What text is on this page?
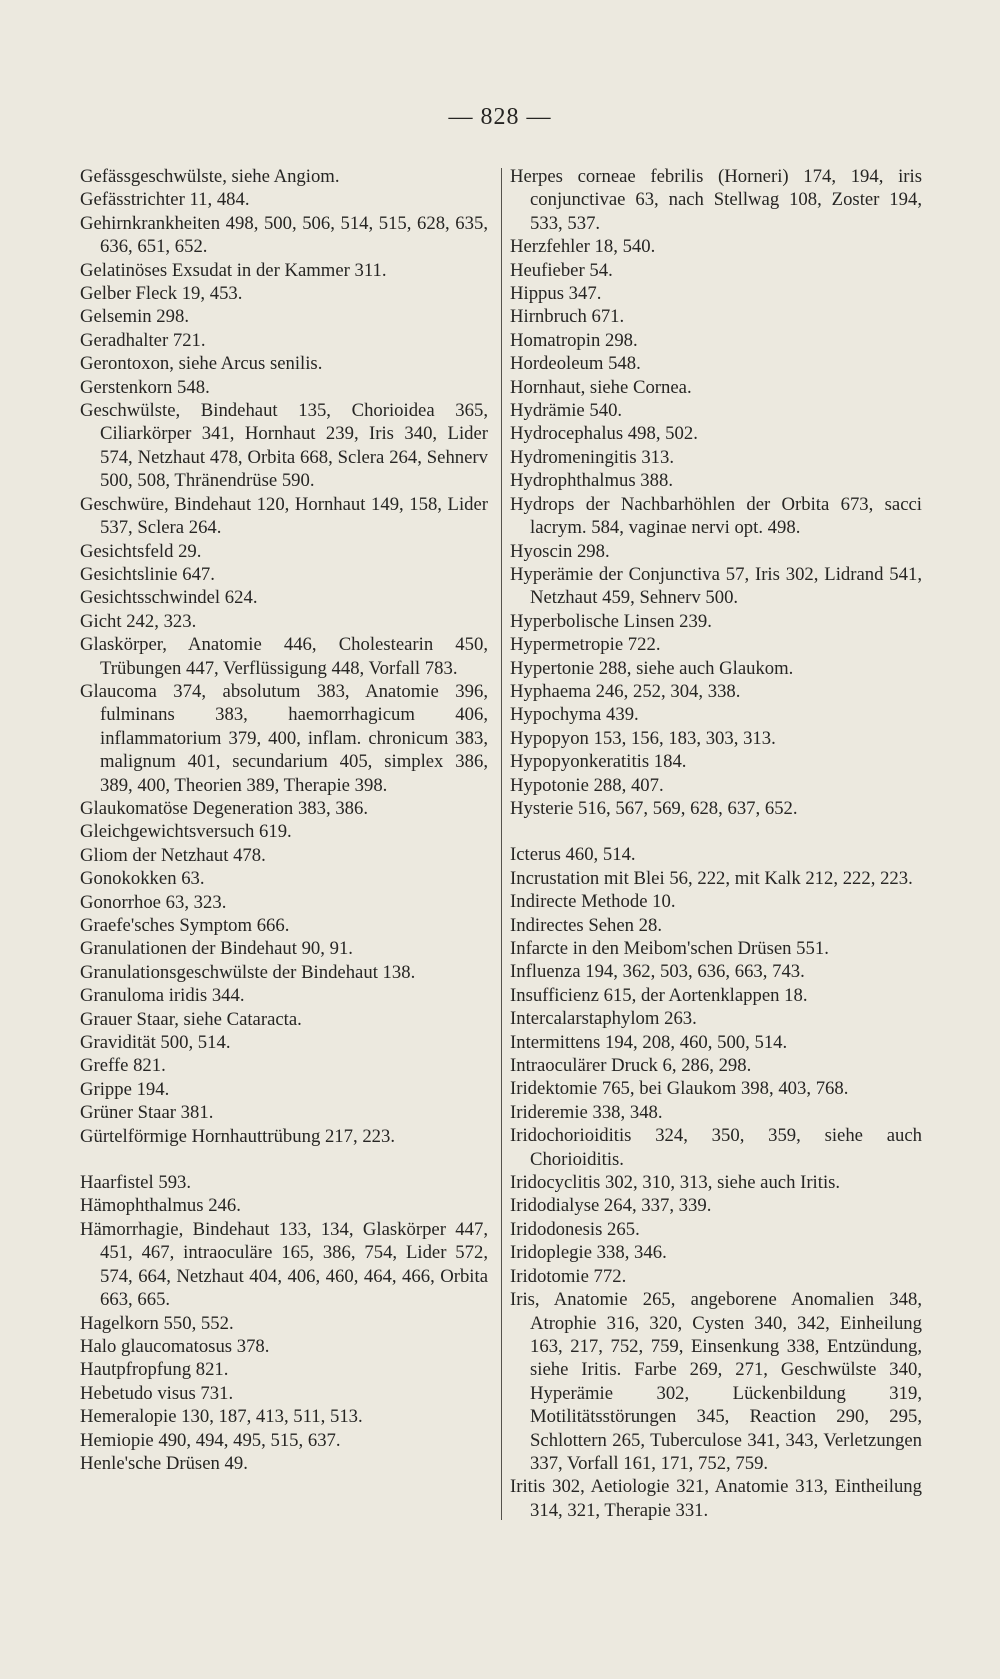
— 828 —

Gefässgeschwülste, siehe Angiom.

Gefässtrichter 11, 484.

Gehirnkrankheiten 498, 500, 506, 514, 515, 628, 635, 636, 651, 652.

Gelatinöses Exsudat in der Kammer 311.

Gelber Fleck 19, 453.

Gelsemin 298.

Geradhalter 721.

Gerontoxon, siehe Arcus senilis.

Gerstenkorn 548.

Geschwülste, Bindehaut 135, Chorioidea 365, Ciliarkörper 341, Hornhaut 239, Iris 340, Lider 574, Netzhaut 478, Orbita 668, Sclera 264, Sehnerv 500, 508, Thränendrüse 590.

Geschwüre, Bindehaut 120, Hornhaut 149, 158, Lider 537, Sclera 264.

Gesichtsfeld 29.

Gesichtslinie 647.

Gesichtsschwindel 624.

Gicht 242, 323.

Glaskörper, Anatomie 446, Cholestearin 450, Trübungen 447, Verflüssigung 448, Vorfall 783.

Glaucoma 374, absolutum 383, Anatomie 396, fulminans 383, haemorrhagicum 406, inflammatorium 379, 400, inflam. chronicum 383, malignum 401, secundarium 405, simplex 386, 389, 400, Theorien 389, Therapie 398.

Glaukomatöse Degeneration 383, 386.

Gleichgewichtsversuch 619.

Gliom der Netzhaut 478.

Gonokokken 63.

Gonorrhoe 63, 323.

Graefe'sches Symptom 666.

Granulationen der Bindehaut 90, 91.

Granulationsgeschwülste der Bindehaut 138.

Granuloma iridis 344.

Grauer Staar, siehe Cataracta.

Gravidität 500, 514.

Greffe 821.

Grippe 194.

Grüner Staar 381.

Gürtelförmige Hornhauttrübung 217, 223.

Haarfistel 593.

Hämophthalmus 246.

Hämorrhagie, Bindehaut 133, 134, Glaskörper 447, 451, 467, intraoculäre 165, 386, 754, Lider 572, 574, 664, Netzhaut 404, 406, 460, 464, 466, Orbita 663, 665.

Hagelkorn 550, 552.

Halo glaucomatosus 378.

Hautpfropfung 821.

Hebetudo visus 731.

Hemeralopie 130, 187, 413, 511, 513.

Hemiopie 490, 494, 495, 515, 637.

Henle'sche Drüsen 49.

Herpes corneae febrilis (Horneri) 174, 194, iris conjunctivae 63, nach Stellwag 108, Zoster 194, 533, 537.

Herzfehler 18, 540.

Heufieber 54.

Hippus 347.

Hirnbruch 671.

Homatropin 298.

Hordeoleum 548.

Hornhaut, siehe Cornea.

Hydrämie 540.

Hydrocephalus 498, 502.

Hydromeningitis 313.

Hydrophthalmus 388.

Hydrops der Nachbarhöhlen der Orbita 673, sacci lacrym. 584, vaginae nervi opt. 498.

Hyoscin 298.

Hyperämie der Conjunctiva 57, Iris 302, Lidrand 541, Netzhaut 459, Sehnerv 500.

Hyperbolische Linsen 239.

Hypermetropie 722.

Hypertonie 288, siehe auch Glaukom.

Hyphaema 246, 252, 304, 338.

Hypochyma 439.

Hypopyon 153, 156, 183, 303, 313.

Hypopyonkeratitis 184.

Hypotonie 288, 407.

Hysterie 516, 567, 569, 628, 637, 652.

Icterus 460, 514.

Incrustation mit Blei 56, 222, mit Kalk 212, 222, 223.

Indirecte Methode 10.

Indirectes Sehen 28.

Infarcte in den Meibom'schen Drüsen 551.

Influenza 194, 362, 503, 636, 663, 743.

Insufficienz 615, der Aortenklappen 18.

Intercalarstaphylom 263.

Intermittens 194, 208, 460, 500, 514.

Intraoculärer Druck 6, 286, 298.

Iridektomie 765, bei Glaukom 398, 403, 768.

Irideremie 338, 348.

Iridochorioiditis 324, 350, 359, siehe auch Chorioiditis.

Iridocyclitis 302, 310, 313, siehe auch Iritis.

Iridodialyse 264, 337, 339.

Iridodonesis 265.

Iridoplegie 338, 346.

Iridotomie 772.

Iris, Anatomie 265, angeborene Anomalien 348, Atrophie 316, 320, Cysten 340, 342, Einheilung 163, 217, 752, 759, Einsenkung 338, Entzündung, siehe Iritis. Farbe 269, 271, Geschwülste 340, Hyperämie 302, Lückenbildung 319, Motilitätsstörungen 345, Reaction 290, 295, Schlottern 265, Tuberculose 341, 343, Verletzungen 337, Vorfall 161, 171, 752, 759.

Iritis 302, Aetiologie 321, Anatomie 313, Eintheilung 314, 321, Therapie 331.
